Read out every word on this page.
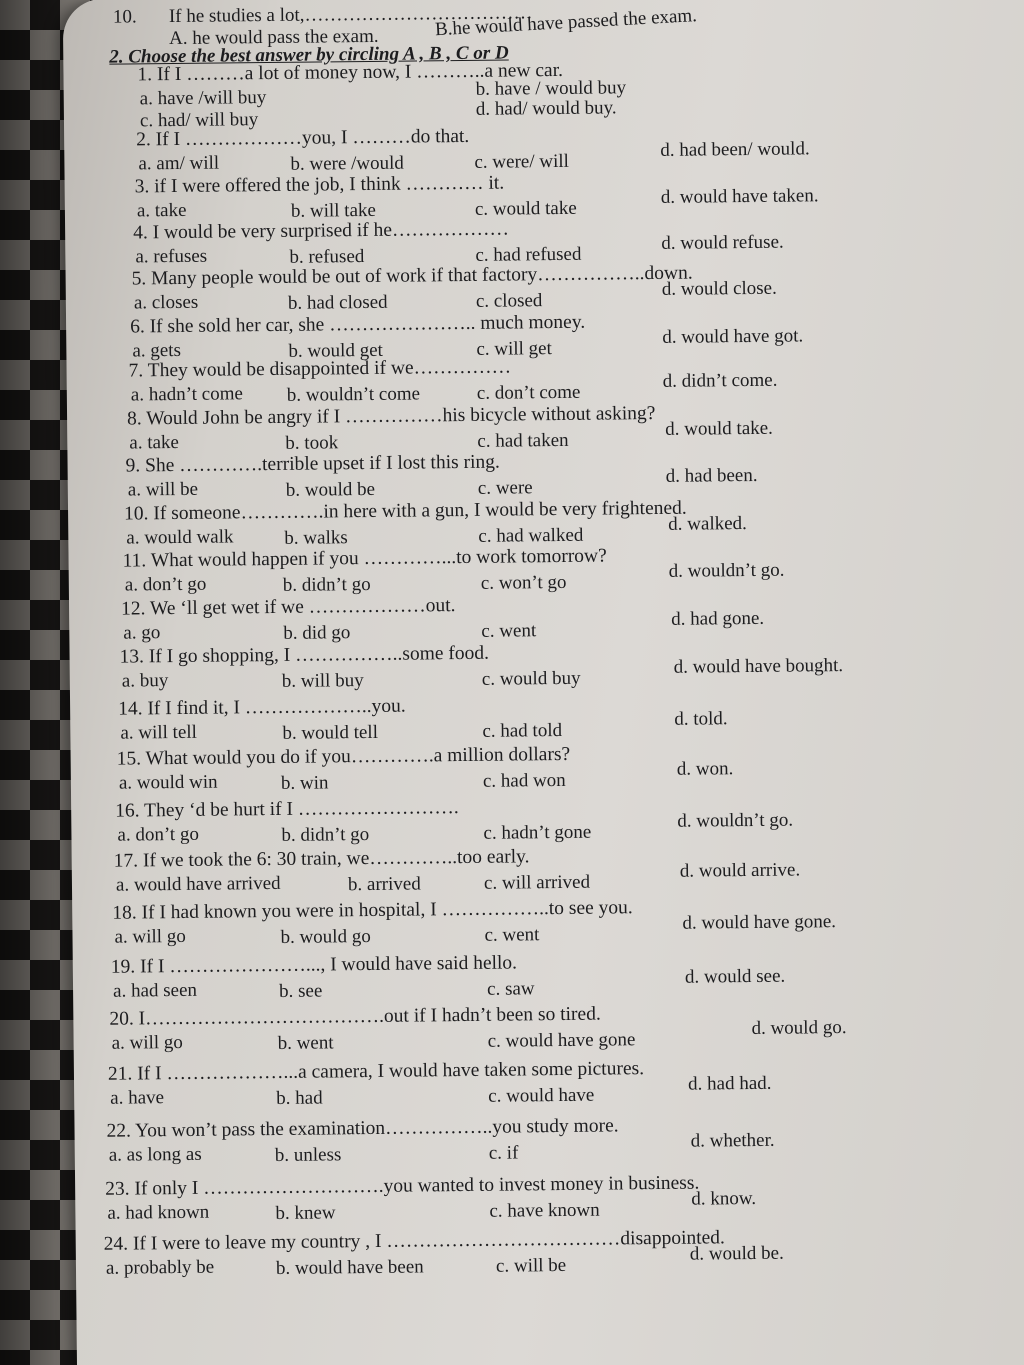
10. If he studies a lot,………………………………
A. he would pass the exam.	B.he would have passed the exam.
2. Choose the best answer by circling A , B , C or D
1. If I ………a lot of money now, I ………..a new car.
a. have /will buy	b. have / would buy
c. had/ will buy
d. had/ would buy.
2. If I ………………you, I ………do that.
a. am/ will	b. were /would	c. were/ will
d. had been/ would.
3. if I were offered the job, I think ………… it.
a. take	b. will take	c. would take
d. would have taken.
4. I would be very surprised if he………………
a. refuses	b. refused	c. had refused
d. would refuse.
5. Many people would be out of work if that factory……………..down.
a. closes	b. had closed	c. closed
d. would close.
6. If she sold her car, she ………………….. much money.
a. gets	b. would get	c. will get
d. would have got.
7. They would be disappointed if we……………
a. hadn’t come b. wouldn’t come	c. don’t come
d. didn’t come.
8. Would John be angry if I ……………his bicycle without asking?
a. take	b. took	c. had taken
d. would take.
9. She ………….terrible upset if I lost this ring.
a. will be	b. would be	c. were
d. had been.
10. If someone………….in here with a gun, I would be very frightened.
a. would walk	b. walks	c. had walked
d. walked.
11. What would happen if you …………...to work tomorrow?
a. don’t go	b. didn’t go	c. won’t go
d. wouldn’t go.
12. We ‘ll get wet if we ………………out.
a. go	b. did go	c. went
d. had gone.
13. If I go shopping, I ……………..some food.
a. buy	b. will buy	c. would buy
d. would have bought.
14. If I find it, I ………………..you.
a. will tell	b. would tell	c. had told
d. told.
15. What would you do if you………….a million dollars?
a. would win	b. win	c. had won
d. won.
16. They ‘d be hurt if I …………………….
a. don’t go	b. didn’t go	c. hadn’t gone
d. wouldn’t go.
17. If we took the 6: 30 train, we…………..too early.
a. would have arrived	b. arrived	c. will arrived
d. would arrive.
18. If I had known you were in hospital, I ……………..to see you.
a. will go	b. would go	c. went
d. would have gone.
19. If I …………………..., I would have said hello.
a. had seen	b. see	c. saw
d. would see.
20. I……………………………….out if I hadn’t been so tired.
a. will go	b. went	c. would have gone
d. would go.
21. If I ………………...a camera, I would have taken some pictures.
a. have	b. had	c. would have
d. had had.
22. You won’t pass the examination……………..you study more.
a. as long as	b. unless	c. if
d. whether.
23. If only I ……………………….you wanted to invest money in business.
a. had known	b. knew	c. have known
d. know.
24. If I were to leave my country , I ………………………………disappointed.
a. probably be	b. would have been	c. will be
d. would be.
